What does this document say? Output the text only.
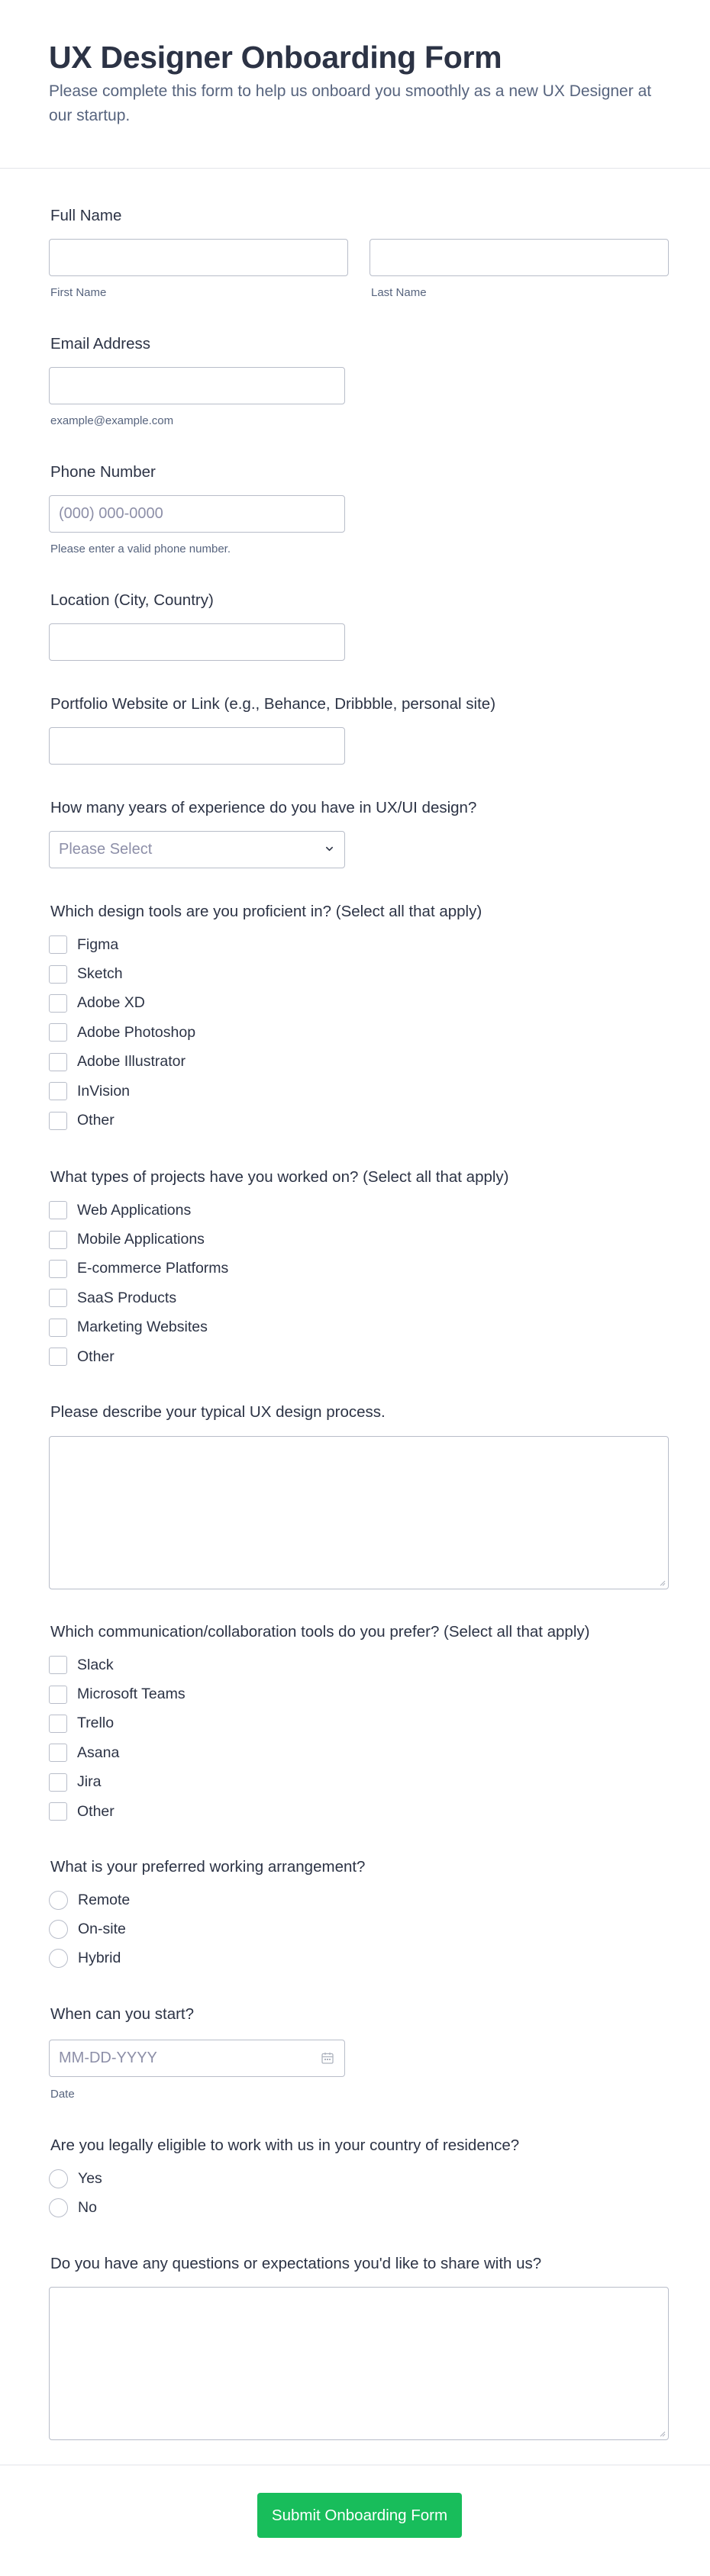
UX Designer Onboarding Form

Please complete this form to help us onboard you smoothly as a new UX Designer at our startup.

Full Name
First Name	Last Name
Email Address
example@example.com
Phone Number
(000) 000-0000
Please enter a valid phone number.
Location (City, Country)
Portfolio Website or Link (e.g., Behance, Dribbble, personal site)
How many years of experience do you have in UX/UI design?
Please Select
Which design tools are you proficient in? (Select all that apply)
Figma
Sketch
Adobe XD
Adobe Photoshop
Adobe Illustrator
InVision
Other
What types of projects have you worked on? (Select all that apply)
Web Applications
Mobile Applications
E-commerce Platforms
SaaS Products
Marketing Websites
Other
Please describe your typical UX design process.
Which communication/collaboration tools do you prefer? (Select all that apply)
Slack
Microsoft Teams
Trello
Asana
Jira
Other
What is your preferred working arrangement?
Remote
On-site
Hybrid
When can you start?
MM-DD-YYYY
Date
Are you legally eligible to work with us in your country of residence?
Yes
No
Do you have any questions or expectations you'd like to share with us?
Submit Onboarding Form
